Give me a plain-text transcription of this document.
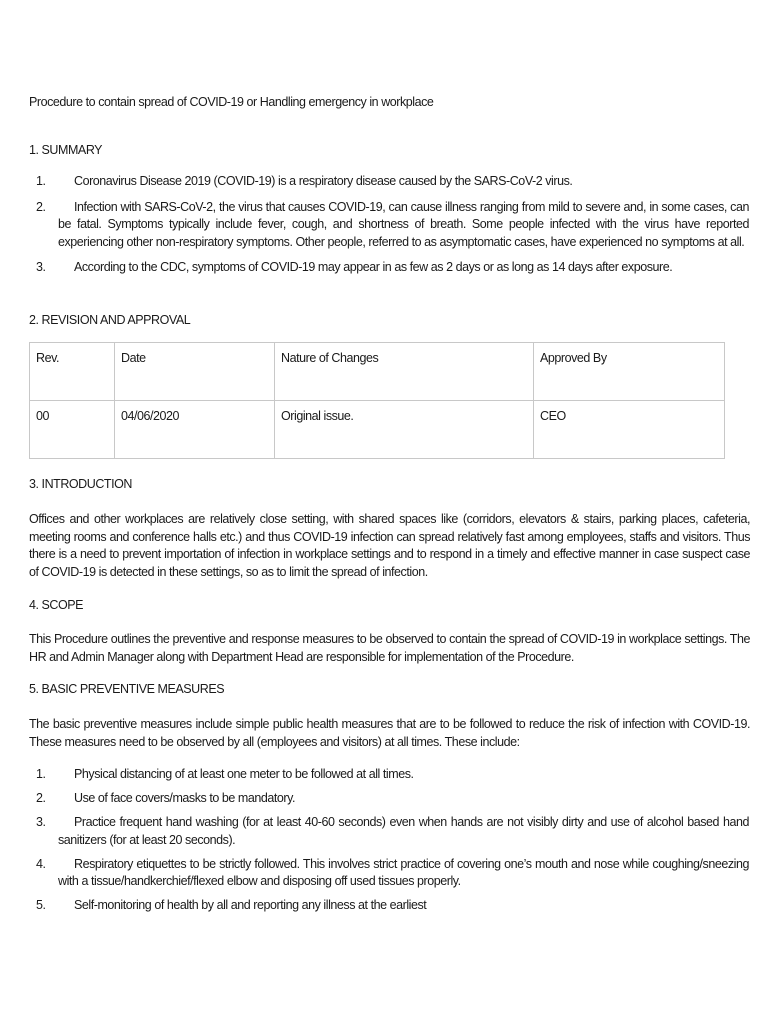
Procedure to contain spread of COVID-19 or Handling emergency in workplace
1. SUMMARY
1. Coronavirus Disease 2019 (COVID-19) is a respiratory disease caused by the SARS-CoV-2 virus.
2. Infection with SARS-CoV-2, the virus that causes COVID-19, can cause illness ranging from mild to severe and, in some cases, can be fatal. Symptoms typically include fever, cough, and shortness of breath. Some people infected with the virus have reported experiencing other non-respiratory symptoms. Other people, referred to as asymptomatic cases, have experienced no symptoms at all.
3. According to the CDC, symptoms of COVID-19 may appear in as few as 2 days or as long as 14 days after exposure.
2. REVISION AND APPROVAL
Rev.	Date	Nature of Changes	Approved By
00	04/06/2020	Original issue.	CEO
3. INTRODUCTION

Offices and other workplaces are relatively close setting, with shared spaces like (corridors, elevators & stairs, parking places, cafeteria, meeting rooms and conference halls etc.) and thus COVID-19 infection can spread relatively fast among employees, staffs and visitors. Thus there is a need to prevent importation of infection in workplace settings and to respond in a timely and effective manner in case suspect case of COVID-19 is detected in these settings, so as to limit the spread of infection.

4. SCOPE

This Procedure outlines the preventive and response measures to be observed to contain the spread of COVID-19 in workplace settings. The HR and Admin Manager along with Department Head are responsible for implementation of the Procedure.

5. BASIC PREVENTIVE MEASURES

The basic preventive measures include simple public health measures that are to be followed to reduce the risk of infection with COVID-19. These measures need to be observed by all (employees and visitors) at all times. These include:

1. Physical distancing of at least one meter to be followed at all times.
2. Use of face covers/masks to be mandatory.
3. Practice frequent hand washing (for at least 40-60 seconds) even when hands are not visibly dirty and use of alcohol based hand sanitizers (for at least 20 seconds).
4. Respiratory etiquettes to be strictly followed. This involves strict practice of covering one’s mouth and nose while coughing/sneezing with a tissue/handkerchief/flexed elbow and disposing off used tissues properly.
5. Self-monitoring of health by all and reporting any illness at the earliest
